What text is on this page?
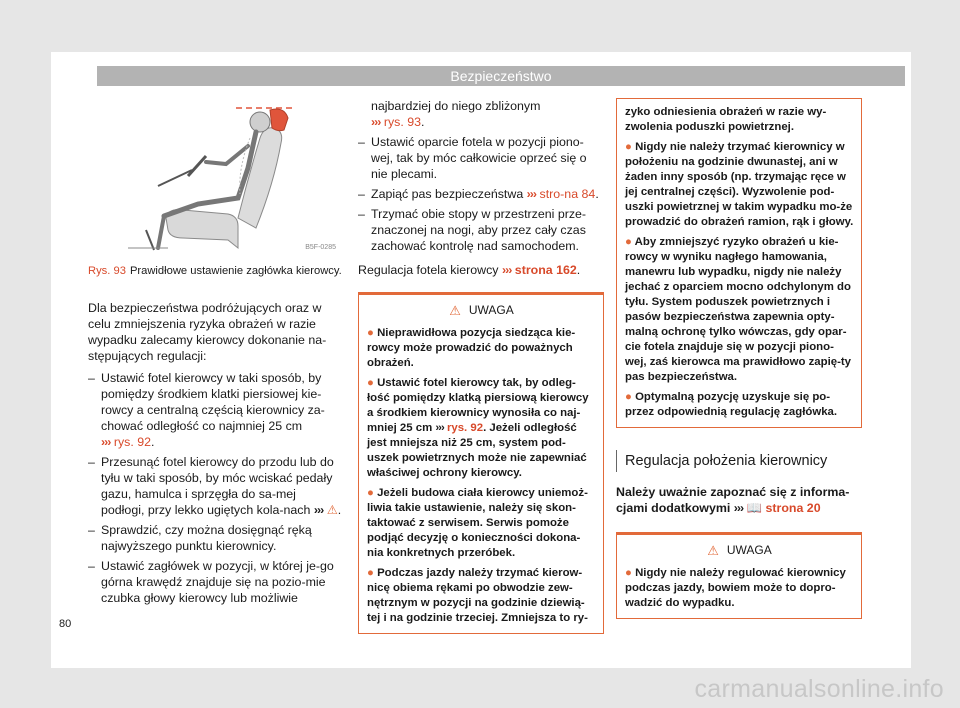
Bezpieczeństwo
B5F-0285
Rys. 93 Prawidłowe ustawienie zagłówka kierowcy.

Dla bezpieczeństwa podróżujących oraz w celu zmniejszenia ryzyka obrażeń w razie wypadku zalecamy kierowcy dokonanie na-stępujących regulacji:

– Ustawić fotel kierowcy w taki sposób, by pomiędzy środkiem klatki piersiowej kie-rowcy a centralną częścią kierownicy za-chować odległość co najmniej 25 cm
››› rys. 92.
– Przesunąć fotel kierowcy do przodu lub do tyłu w taki sposób, by móc wciskać pedały gazu, hamulca i sprzęgła do sa-mej podłogi, przy lekko ugiętych kola-nach ››› ⚠.
– Sprawdzić, czy można dosięgnąć ręką najwyższego punktu kierownicy.
– Ustawić zagłówek w pozycji, w której je-go górna krawędź znajduje się na pozio-mie czubka głowy kierowcy lub możliwie

najbardziej do niego zbliżonym
››› rys. 93.

– Ustawić oparcie fotela w pozycji piono-wej, tak by móc całkowicie oprzeć się o nie plecami.
– Zapiąć pas bezpieczeństwa ››› stro-na 84.
– Trzymać obie stopy w przestrzeni prze-znaczonej na nogi, aby przez cały czas zachować kontrolę nad samochodem.

Regulacja fotela kierowcy ››› strona 162.

⚠ UWAGA
● Nieprawidłowa pozycja siedząca kie-rowcy może prowadzić do poważnych obrażeń.
● Ustawić fotel kierowcy tak, by odleg-łość pomiędzy klatką piersiową kierowcy a środkiem kierownicy wynosiła co naj-mniej 25 cm ››› rys. 92. Jeżeli odległość jest mniejsza niż 25 cm, system pod-uszek powietrznych może nie zapewniać właściwej ochrony kierowcy.
● Jeżeli budowa ciała kierowcy uniemoż-liwia takie ustawienie, należy się skon-taktować z serwisem. Serwis pomoże podjąć decyzję o konieczności dokona-nia konkretnych przeróbek.
● Podczas jazdy należy trzymać kierow-nicę obiema rękami po obwodzie zew-nętrznym w pozycji na godzinie dziewią-tej i na godzinie trzeciej. Zmniejsza to ry-
zyko odniesienia obrażeń w razie wy-zwolenia poduszki powietrznej.
● Nigdy nie należy trzymać kierownicy w położeniu na godzinie dwunastej, ani w żaden inny sposób (np. trzymając ręce w jej centralnej części). Wyzwolenie pod-uszki powietrznej w takim wypadku mo-że prowadzić do obrażeń ramion, rąk i głowy.
● Aby zmniejszyć ryzyko obrażeń u kie-rowcy w wyniku nagłego hamowania, manewru lub wypadku, nigdy nie należy jechać z oparciem mocno odchylonym do tyłu. System poduszek powietrznych i pasów bezpieczeństwa zapewnia opty-malną ochronę tylko wówczas, gdy opar-cie fotela znajduje się w pozycji piono-wej, zaś kierowca ma prawidłowo zapię-ty pas bezpieczeństwa.
● Optymalną pozycję uzyskuje się po-przez odpowiednią regulację zagłówka.
Regulacja położenia kierownicy

Należy uważnie zapoznać się z informa-cjami dodatkowymi ››› 📖 strona 20

⚠ UWAGA
● Nigdy nie należy regulować kierownicy podczas jazdy, bowiem może to dopro-wadzić do wypadku.
80
carmanualsonline.info
